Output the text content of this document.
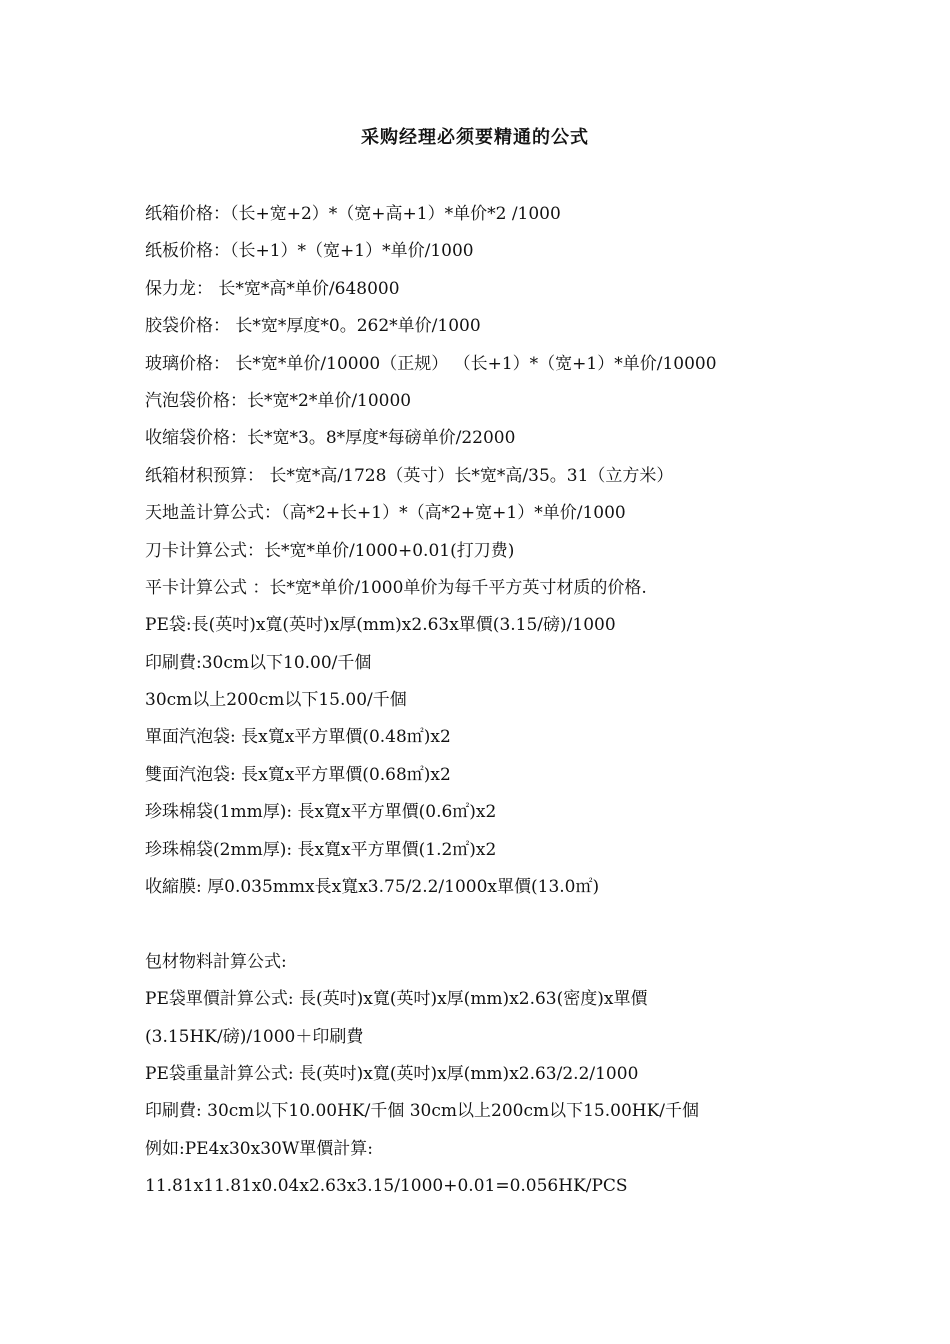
采购经理必须要精通的公式
纸箱价格：（长+宽+2）*（宽+高+1）*单价*2 /1000
纸板价格：（长+1）*（宽+1）*单价/1000
保力龙： 长*宽*高*单价/648000
胶袋价格： 长*宽*厚度*0。262*单价/1000
玻璃价格： 长*宽*单价/10000（正规） （长+1）*（宽+1）*单价/10000
汽泡袋价格：长*宽*2*单价/10000
收缩袋价格：长*宽*3。8*厚度*每磅单价/22000
纸箱材积预算： 长*宽*高/1728（英寸）长*宽*高/35。31（立方米）
天地盖计算公式：（高*2+长+1）*（高*2+宽+1）*单价/1000
刀卡计算公式：长*宽*单价/1000+0.01(打刀费)
平卡计算公式 ：长*宽*单价/1000单价为每千平方英寸材质的价格.
PE袋:長(英吋)x寬(英吋)x厚(mm)x2.63x單價(3.15/磅)/1000
印刷費:30cm以下10.00/千個
30cm以上200cm以下15.00/千個
單面汽泡袋: 長x寬x平方單價(0.48㎡)x2
雙面汽泡袋: 長x寬x平方單價(0.68㎡)x2
珍珠棉袋(1mm厚): 長x寬x平方單價(0.6㎡)x2
珍珠棉袋(2mm厚): 長x寬x平方單價(1.2㎡)x2
收縮膜: 厚0.035mmx長x寬x3.75/2.2/1000x單價(13.0㎡)
包材物料計算公式:
PE袋單價計算公式: 長(英吋)x寬(英吋)x厚(mm)x2.63(密度)x單價
(3.15HK/磅)/1000＋印刷費
PE袋重量計算公式: 長(英吋)x寬(英吋)x厚(mm)x2.63/2.2/1000
印刷費: 30cm以下10.00HK/千個 30cm以上200cm以下15.00HK/千個
例如:PE4x30x30W單價計算:
11.81x11.81x0.04x2.63x3.15/1000+0.01=0.056HK/PCS
